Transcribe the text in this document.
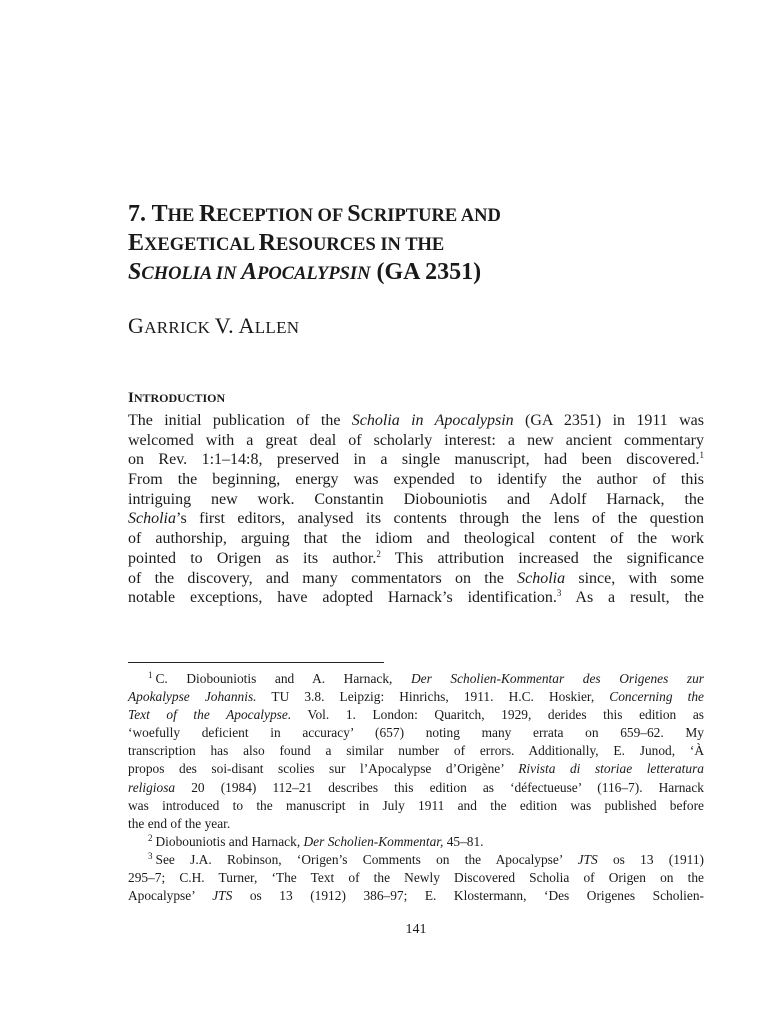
7. THE RECEPTION OF SCRIPTURE AND
EXEGETICAL RESOURCES IN THE
SCHOLIA IN APOCALYPSIN (GA 2351)
GARRICK V. ALLEN
INTRODUCTION
The initial publication of the Scholia in Apocalypsin (GA 2351) in 1911 was
welcomed with a great deal of scholarly interest: a new ancient commentary
on Rev. 1:1–14:8, preserved in a single manuscript, had been discovered.$^1$
From the beginning, energy was expended to identify the author of this
intriguing new work. Constantin Diobouniotis and Adolf Harnack, the
Scholia’s first editors, analysed its contents through the lens of the question
of authorship, arguing that the idiom and theological content of the work
pointed to Origen as its author.$^2$ This attribution increased the significance
of the discovery, and many commentators on the Scholia since, with some
notable exceptions, have adopted Harnack’s identification.$^3$ As a result, the
$^1$ C. Diobouniotis and A. Harnack, Der Scholien-Kommentar des Origenes zur
Apokalypse Johannis. TU 3.8. Leipzig: Hinrichs, 1911. H.C. Hoskier, Concerning the
Text of the Apocalypse. Vol. 1. London: Quaritch, 1929, derides this edition as
‘woefully deficient in accuracy’ (657) noting many errata on 659–62. My
transcription has also found a similar number of errors. Additionally, E. Junod, ‘À
propos des soi-disant scolies sur l’Apocalypse d’Origène’ Rivista di storiae letteratura
religiosa 20 (1984) 112–21 describes this edition as ‘défectueuse’ (116–7). Harnack
was introduced to the manuscript in July 1911 and the edition was published before
the end of the year.
$^2$ Diobouniotis and Harnack, Der Scholien-Kommentar, 45–81.
$^3$ See J.A. Robinson, ‘Origen’s Comments on the Apocalypse’ JTS os 13 (1911)
295–7; C.H. Turner, ‘The Text of the Newly Discovered Scholia of Origen on the
Apocalypse’ JTS os 13 (1912) 386–97; E. Klostermann, ‘Des Origenes Scholien-
141
